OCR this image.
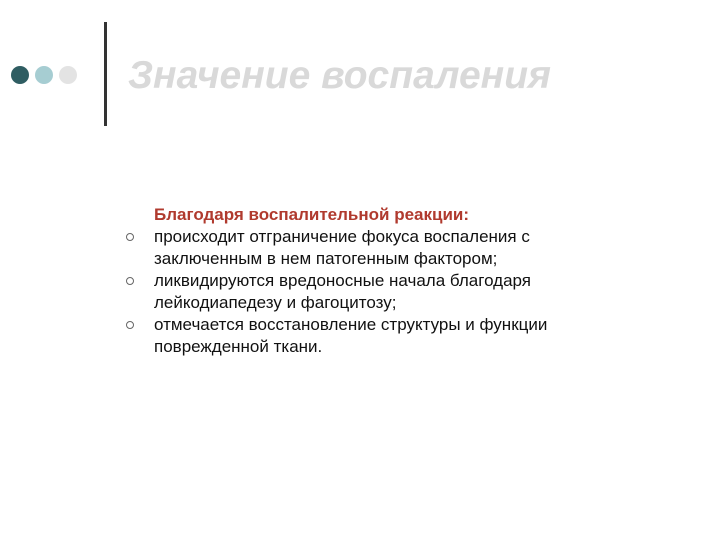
Значение воспаления
Благодаря воспалительной реакции:
происходит отграничение фокуса воспаления с заключенным в нем патогенным фактором;
ликвидируются вредоносные начала благодаря лейкодиапедезу и фагоцитозу;
отмечается восстановление структуры и функции поврежденной ткани.
